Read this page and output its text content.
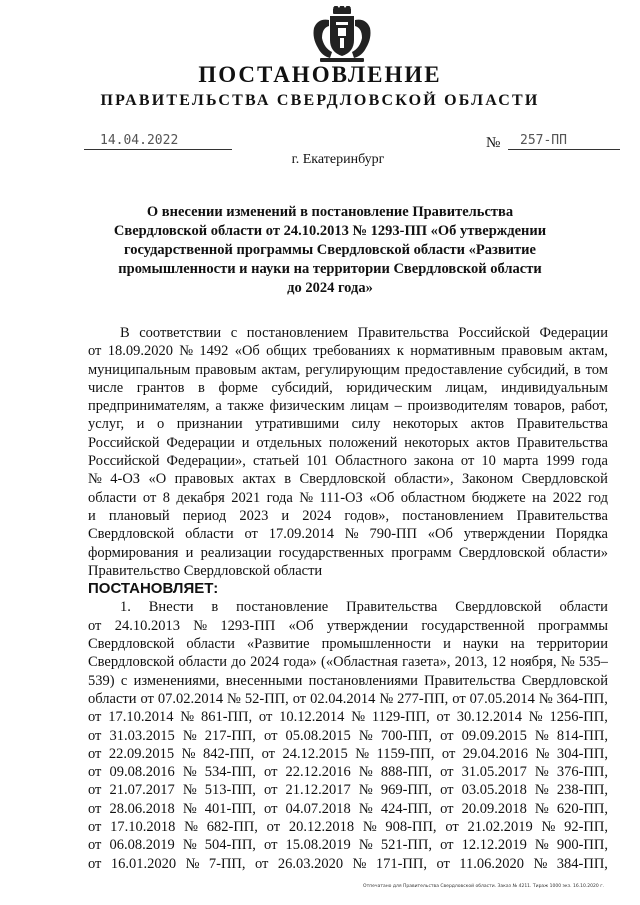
ПОСТАНОВЛЕНИЕ
ПРАВИТЕЛЬСТВА СВЕРДЛОВСКОЙ ОБЛАСТИ
14.04.2022	№	257-ПП
г. Екатеринбург
О внесении изменений в постановление Правительства
Свердловской области от 24.10.2013 № 1293-ПП «Об утверждении
государственной программы Свердловской области «Развитие
промышленности и науки на территории Свердловской области
до 2024 года»
В соответствии с постановлением Правительства Российской Федерации
от 18.09.2020 № 1492 «Об общих требованиях к нормативным правовым актам,
муниципальным правовым актам, регулирующим предоставление субсидий, в том
числе грантов в форме субсидий, юридическим лицам, индивидуальным
предпринимателям, а также физическим лицам – производителям товаров, работ,
услуг, и о признании утратившими силу некоторых актов Правительства
Российской Федерации и отдельных положений некоторых актов Правительства
Российской Федерации», статьей 101 Областного закона от 10 марта 1999 года
№ 4-ОЗ «О правовых актах в Свердловской области», Законом Свердловской
области от 8 декабря 2021 года № 111-ОЗ «Об областном бюджете на 2022 год
и плановый период 2023 и 2024 годов», постановлением Правительства
Свердловской области от 17.09.2014 № 790-ПП «Об утверждении Порядка
формирования и реализации государственных программ Свердловской области»
Правительство Свердловской области
ПОСТАНОВЛЯЕТ:
1. Внести в постановление Правительства Свердловской области
от 24.10.2013 № 1293-ПП «Об утверждении государственной программы
Свердловской области «Развитие промышленности и науки на территории
Свердловской области до 2024 года» («Областная газета», 2013, 12 ноября, № 535–
539) с изменениями, внесенными постановлениями Правительства Свердловской
области от 07.02.2014 № 52-ПП, от 02.04.2014 № 277-ПП, от 07.05.2014 № 364-ПП,
от 17.10.2014 № 861-ПП, от 10.12.2014 № 1129-ПП, от 30.12.2014 № 1256-ПП,
от 31.03.2015 № 217-ПП, от 05.08.2015 № 700-ПП, от 09.09.2015 № 814-ПП,
от 22.09.2015 № 842-ПП, от 24.12.2015 № 1159-ПП, от 29.04.2016 № 304-ПП,
от 09.08.2016 № 534-ПП, от 22.12.2016 № 888-ПП, от 31.05.2017 № 376-ПП,
от 21.07.2017 № 513-ПП, от 21.12.2017 № 969-ПП, от 03.05.2018 № 238-ПП,
от 28.06.2018 № 401-ПП, от 04.07.2018 № 424-ПП, от 20.09.2018 № 620-ПП,
от 17.10.2018 № 682-ПП, от 20.12.2018 № 908-ПП, от 21.02.2019 № 92-ПП,
от 06.08.2019 № 504-ПП, от 15.08.2019 № 521-ПП, от 12.12.2019 № 900-ПП,
от 16.01.2020 № 7-ПП, от 26.03.2020 № 171-ПП, от 11.06.2020 № 384-ПП,
Отпечатано для Правительства Свердловской области. Заказ № 4211. Тираж 1000 экз. 16.10.2020 г.
